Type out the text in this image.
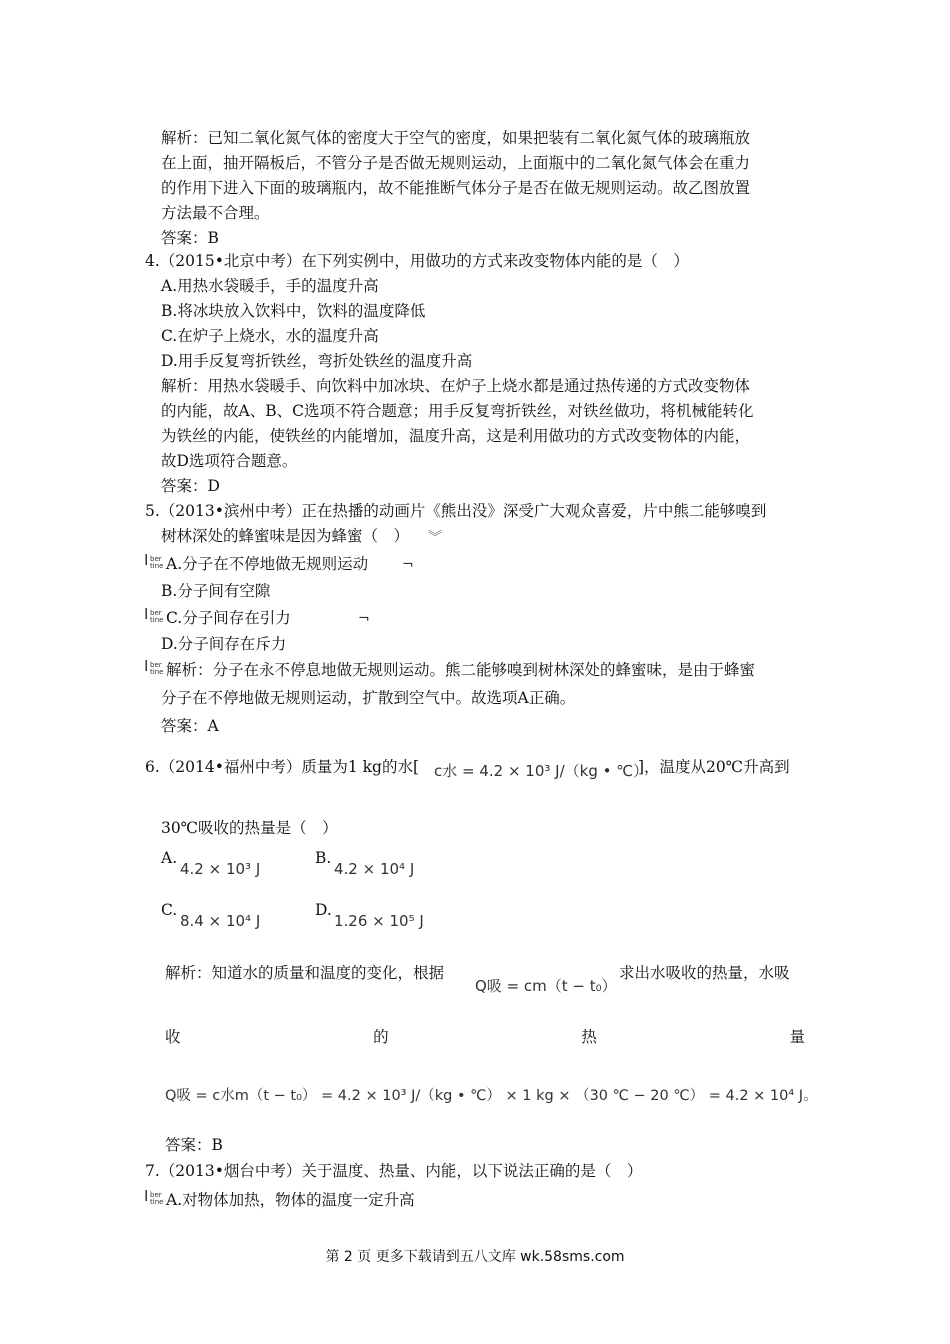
解析：已知二氧化氮气体的密度大于空气的密度，如果把装有二氧化氮气体的玻璃瓶放
在上面，抽开隔板后，不管分子是否做无规则运动，上面瓶中的二氧化氮气体会在重力
的作用下进入下面的玻璃瓶内，故不能推断气体分子是否在做无规则运动。故乙图放置
方法最不合理。
答案：B
4.（2015•北京中考）在下列实例中，用做功的方式来改变物体内能的是（　）
A.用热水袋暖手，手的温度升高
B.将冰块放入饮料中，饮料的温度降低
C.在炉子上烧水，水的温度升高
D.用手反复弯折铁丝，弯折处铁丝的温度升高
解析：用热水袋暖手、向饮料中加冰块、在炉子上烧水都是通过热传递的方式改变物体
的内能，故A、B、C选项不符合题意；用手反复弯折铁丝，对铁丝做功，将机械能转化
为铁丝的内能，使铁丝的内能增加，温度升高，这是利用做功的方式改变物体的内能，
故D选项符合题意。
答案：D
5.（2013•滨州中考）正在热播的动画片《熊出没》深受广大观众喜爱，片中熊二能够嗅到
树林深处的蜂蜜味是因为蜂蜜（　） ︾
I ber
tine A.分子在不停地做无规则运动 ¬
B.分子间有空隙
I ber
tine C.分子间存在引力	¬
D.分子间存在斥力
I ber
tine 解析：分子在永不停息地做无规则运动。熊二能够嗅到树林深处的蜂蜜味，是由于蜂蜜
分子在不停地做无规则运动，扩散到空气中。故选项A正确。
答案：A
6.（2014•福州中考）质量为1 kg的水[ c水 = 4.2 × 10³ J/（kg • ℃）
]，温度从20℃升高到
30℃吸收的热量是（　）
A.
4.2 × 10³ J
B.
4.2 × 10⁴ J
C.
8.4 × 10⁴ J
D.
1.26 × 10⁵ J
解析：知道水的质量和温度的变化，根据
Q吸 = cm（t − t₀）
求出水吸收的热量，水吸
收	的	热	量
Q吸 = c水m（t − t₀） = 4.2 × 10³ J/（kg • ℃） × 1 kg × （30 ℃ − 20 ℃） = 4.2 × 10⁴ J。
答案：B
7.（2013•烟台中考）关于温度、热量、内能，以下说法正确的是（　）
I ber
tine A.对物体加热，物体的温度一定升高
第 2 页 更多下载请到五八文库 wk.58sms.com
